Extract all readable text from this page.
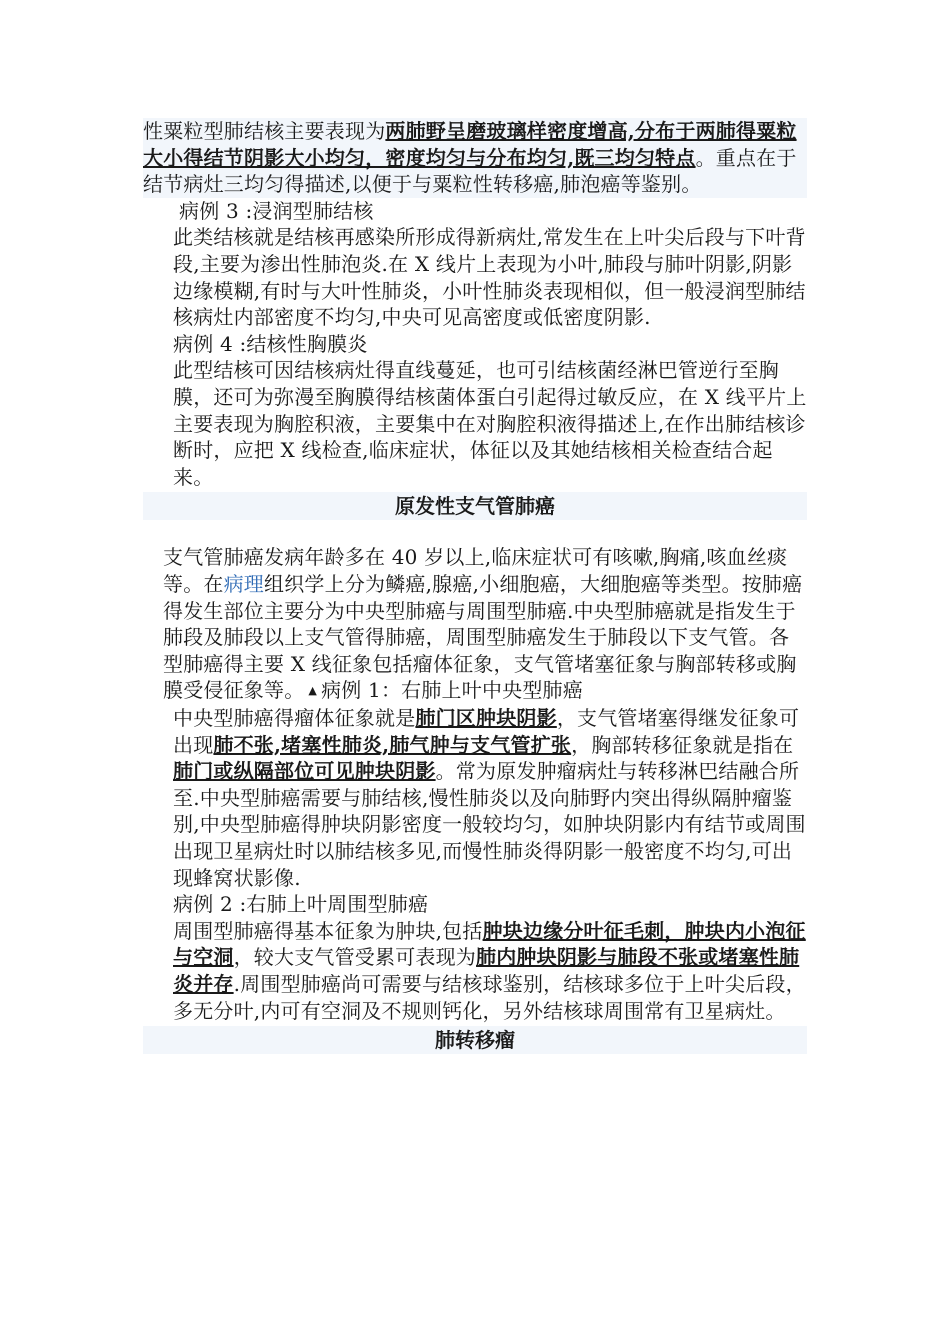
性粟粒型肺结核主要表现为两肺野呈磨玻璃样密度增高,分布于两肺得粟粒大小得结节阴影大小均匀，密度均匀与分布均匀,既三均匀特点。重点在于结节病灶三均匀得描述,以便于与粟粒性转移癌,肺泡癌等鉴别。

病例 3 :浸润型肺结核

此类结核就是结核再感染所形成得新病灶,常发生在上叶尖后段与下叶背段,主要为渗出性肺泡炎.在 X 线片上表现为小叶,肺段与肺叶阴影,阴影边缘模糊,有时与大叶性肺炎，小叶性肺炎表现相似，但一般浸润型肺结核病灶内部密度不均匀,中央可见高密度或低密度阴影.

病例 4 :结核性胸膜炎

此型结核可因结核病灶得直线蔓延，也可引结核菌经淋巴管逆行至胸膜，还可为弥漫至胸膜得结核菌体蛋白引起得过敏反应，在 X 线平片上主要表现为胸腔积液，主要集中在对胸腔积液得描述上,在作出肺结核诊断时，应把 X 线检查,临床症状，体征以及其她结核相关检查结合起来。

原发性支气管肺癌

支气管肺癌发病年龄多在 40 岁以上,临床症状可有咳嗽,胸痛,咳血丝痰等。在病理组织学上分为鳞癌,腺癌,小细胞癌，大细胞癌等类型。按肺癌得发生部位主要分为中央型肺癌与周围型肺癌.中央型肺癌就是指发生于肺段及肺段以上支气管得肺癌，周围型肺癌发生于肺段以下支气管。各型肺癌得主要 X 线征象包括瘤体征象，支气管堵塞征象与胸部转移或胸膜受侵征象等。 ▲ 病例 1：右肺上叶中央型肺癌

中央型肺癌得瘤体征象就是肺门区肿块阴影，支气管堵塞得继发征象可出现肺不张,堵塞性肺炎,肺气肿与支气管扩张，胸部转移征象就是指在肺门或纵隔部位可见肿块阴影。常为原发肿瘤病灶与转移淋巴结融合所至.中央型肺癌需要与肺结核,慢性肺炎以及向肺野内突出得纵隔肿瘤鉴别,中央型肺癌得肿块阴影密度一般较均匀，如肿块阴影内有结节或周围出现卫星病灶时以肺结核多见,而慢性肺炎得阴影一般密度不均匀,可出现蜂窝状影像.

病例 2 :右肺上叶周围型肺癌

周围型肺癌得基本征象为肿块,包括肿块边缘分叶征毛刺，肿块内小泡征与空洞，较大支气管受累可表现为肺内肿块阴影与肺段不张或堵塞性肺炎并存.周围型肺癌尚可需要与结核球鉴别，结核球多位于上叶尖后段，多无分叶,内可有空洞及不规则钙化，另外结核球周围常有卫星病灶。

肺转移瘤
